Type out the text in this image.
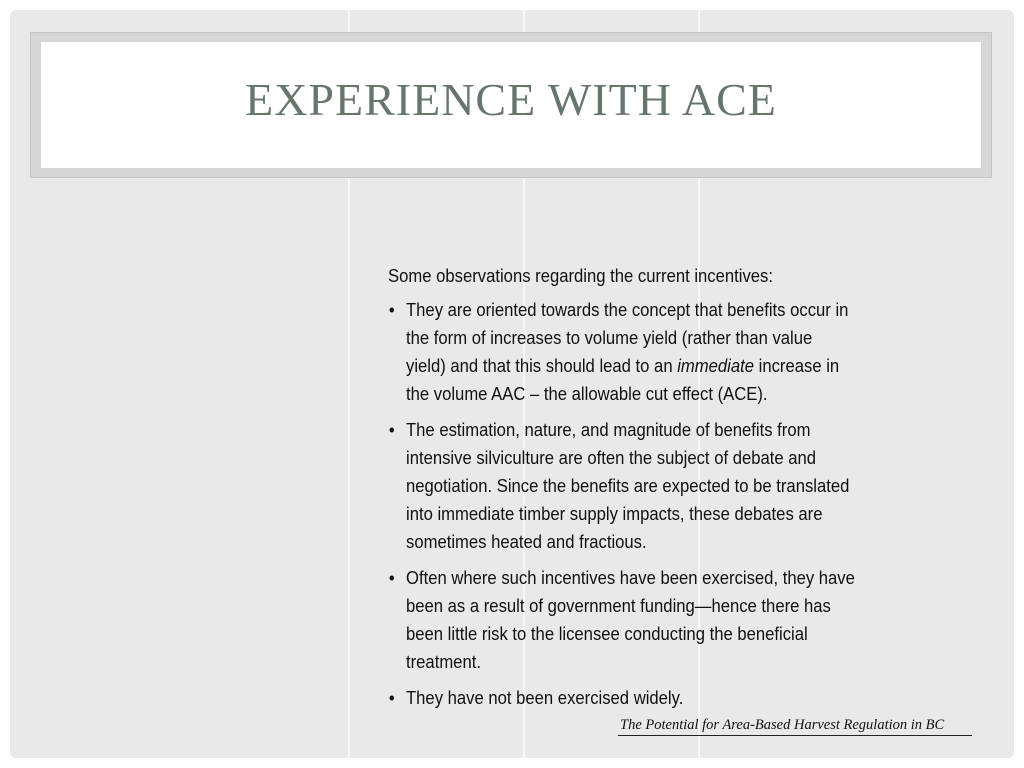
EXPERIENCE WITH ACE

Some observations regarding the current incentives:

• They are oriented towards the concept that benefits occur in the form of increases to volume yield (rather than value yield) and that this should lead to an immediate increase in the volume AAC – the allowable cut effect (ACE).
• The estimation, nature, and magnitude of benefits from intensive silviculture are often the subject of debate and negotiation. Since the benefits are expected to be translated into immediate timber supply impacts, these debates are sometimes heated and fractious.
• Often where such incentives have been exercised, they have been as a result of government funding—hence there has been little risk to the licensee conducting the beneficial treatment.
• They have not been exercised widely.
The Potential for Area-Based Harvest Regulation in BC
